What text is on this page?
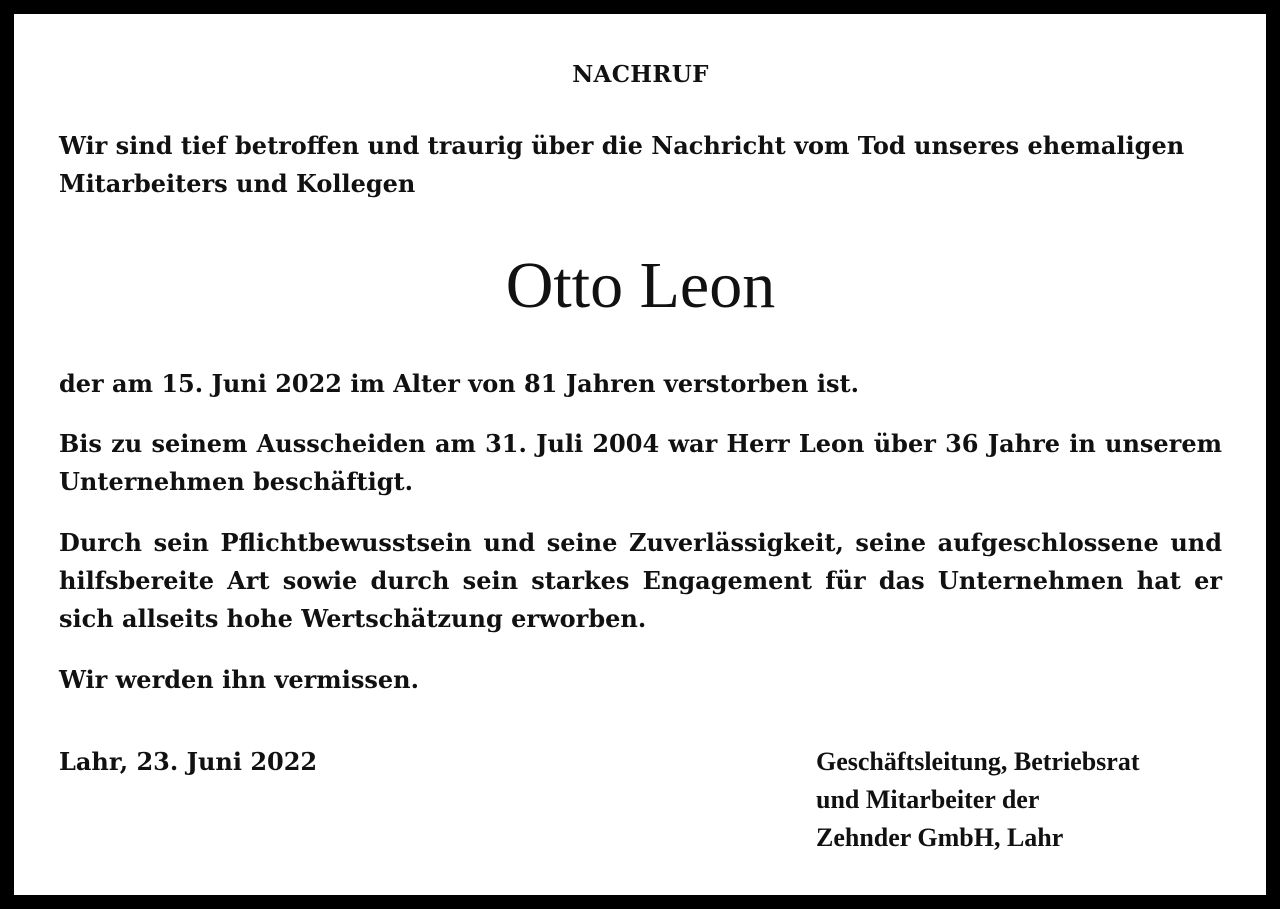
NACHRUF

Wir sind tief betroffen und traurig über die Nachricht vom Tod unseres ehemaligen Mitarbeiters und Kollegen

Otto Leon

der am 15. Juni 2022 im Alter von 81 Jahren verstorben ist.

Bis zu seinem Ausscheiden am 31. Juli 2004 war Herr Leon über 36 Jahre in unserem Unternehmen beschäftigt.

Durch sein Pflichtbewusstsein und seine Zuverlässigkeit, seine aufgeschlossene und hilfsbereite Art sowie durch sein starkes Engagement für das Unternehmen hat er sich allseits hohe Wertschätzung erworben.

Wir werden ihn vermissen.

Lahr, 23. Juni 2022	Geschäftsleitung, Betriebsrat
und Mitarbeiter der
Zehnder GmbH, Lahr
